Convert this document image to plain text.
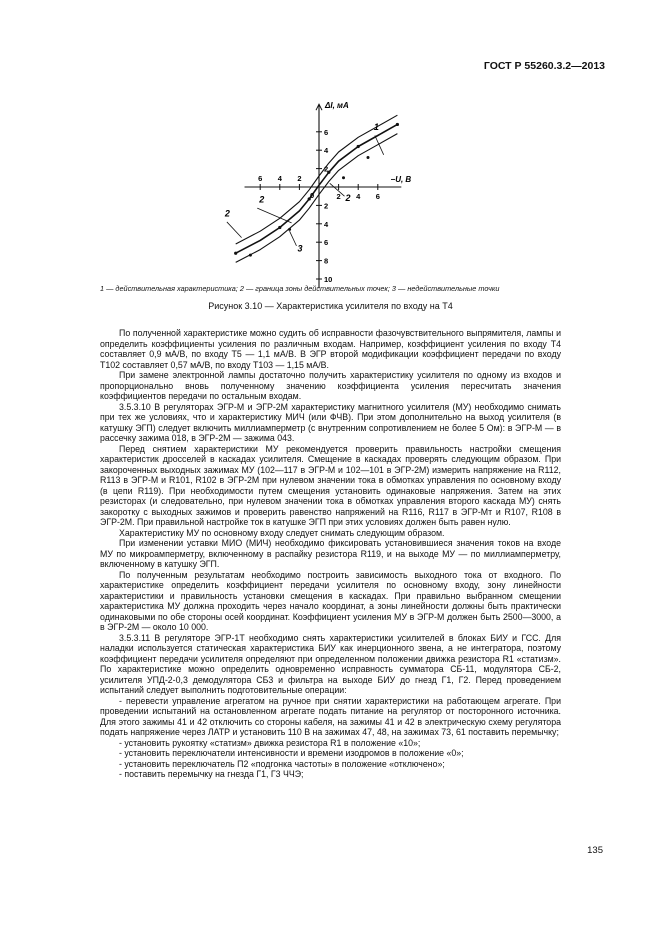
ГОСТ Р 55260.3.2—2013
6 4 2
2 4 6
6
4
2
2
4
6
8
10
0
ΔI, мА
−U, В
1
2
2
2
3
1 — действительная характеристика; 2 — граница зоны действительных точек; 3 — недействительные точки
Рисунок 3.10 — Характеристика усилителя по входу на Т4

По полученной характеристике можно судить об исправности фазочувствительного выпрямителя, лампы и определить коэффициенты усиления по различным входам. Например, коэффициент усиления по входу Т4 составляет 0,9 мА/В, по входу Т5 — 1,1 мА/В. В ЭГР второй модификации коэффициент передачи по входу Т102 составляет 0,57 мА/В, по входу Т103 — 1,15 мА/В.

При замене электронной лампы достаточно получить характеристику усилителя по одному из входов и пропорционально вновь полученному значению коэффициента усиления пересчитать значения коэффициентов передачи по остальным входам.

3.5.3.10 В регуляторах ЭГР-М и ЭГР-2М характеристику магнитного усилителя (МУ) необходимо снимать при тех же условиях, что и характеристику МИЧ (или ФЧВ). При этом дополнительно на выход усилителя (в катушку ЭГП) следует включить миллиамперметр (с внутренним сопротивлением не более 5 Ом): в ЭГР-М — в рассечку зажима 018, в ЭГР-2М — зажима 043.

Перед снятием характеристики МУ рекомендуется проверить правильность настройки смещения характеристик дросселей в каскадах усилителя. Смещение в каскадах проверять следующим образом. При закороченных выходных зажимах МУ (102—117 в ЭГР-М и 102—101 в ЭГР-2М) измерить напряжение на R112, R113 в ЭГР-М и R101, R102 в ЭГР-2М при нулевом значении тока в обмотках управления по основному входу (в цепи R119). При необходимости путем смещения установить одинаковые напряжения. Затем на этих резисторах (и следовательно, при нулевом значении тока в обмотках управления второго каскада МУ) снять закоротку с выходных зажимов и проверить равенство напряжений на R116, R117 в ЭГР-Мт и R107, R108 в ЭГР-2М. При правильной настройке ток в катушке ЭГП при этих условиях должен быть равен нулю.

Характеристику МУ по основному входу следует снимать следующим образом.

При изменении уставки МИО (МИЧ) необходимо фиксировать установившиеся значения токов на входе МУ по микроамперметру, включенному в распайку резистора R119, и на выходе МУ — по миллиамперметру, включенному в катушку ЭГП.

По полученным результатам необходимо построить зависимость выходного тока от входного. По характеристике определить коэффициент передачи усилителя по основному входу, зону линейности характеристики и правильность установки смещения в каскадах. При правильно выбранном смещении характеристика МУ должна проходить через начало координат, а зоны линейности должны быть практически одинаковыми по обе стороны осей координат. Коэффициент усиления МУ в ЭГР-М должен быть 2500—3000, а в ЭГР-2М — около 10 000.

3.5.3.11 В регуляторе ЭГР-1Т необходимо снять характеристики усилителей в блоках БИУ и ГСС. Для наладки используется статическая характеристика БИУ как инерционного звена, а не интегратора, поэтому коэффициент передачи усилителя определяют при определенном положении движка резистора R1 «статизм». По характеристике можно определить одновременно исправность сумматора СБ-11, модулятора СБ-2, усилителя УПД-2-0,3 демодулятора СБ3 и фильтра на выходе БИУ до гнезд Г1, Г2. Перед проведением испытаний следует выполнить подготовительные операции:

- перевести управление агрегатом на ручное при снятии характеристики на работающем агрегате. При проведении испытаний на остановленном агрегате подать питание на регулятор от посторонного источника. Для этого зажимы 41 и 42 отключить со стороны кабеля, на зажимы 41 и 42 в электрическую схему регулятора подать напряжение через ЛАТР и установить 110 В на зажимах 47, 48, на зажимах 73, 61 поставить перемычку;

- установить рукоятку «статизм» движка резистора R1 в положение «10»;

- установить переключатели интенсивности и времени изодромов в положение «0»;

- установить переключатель П2 «подгонка частоты» в положение «отключено»;

- поставить перемычку на гнезда Г1, Г3 ЧЧЭ;

135
